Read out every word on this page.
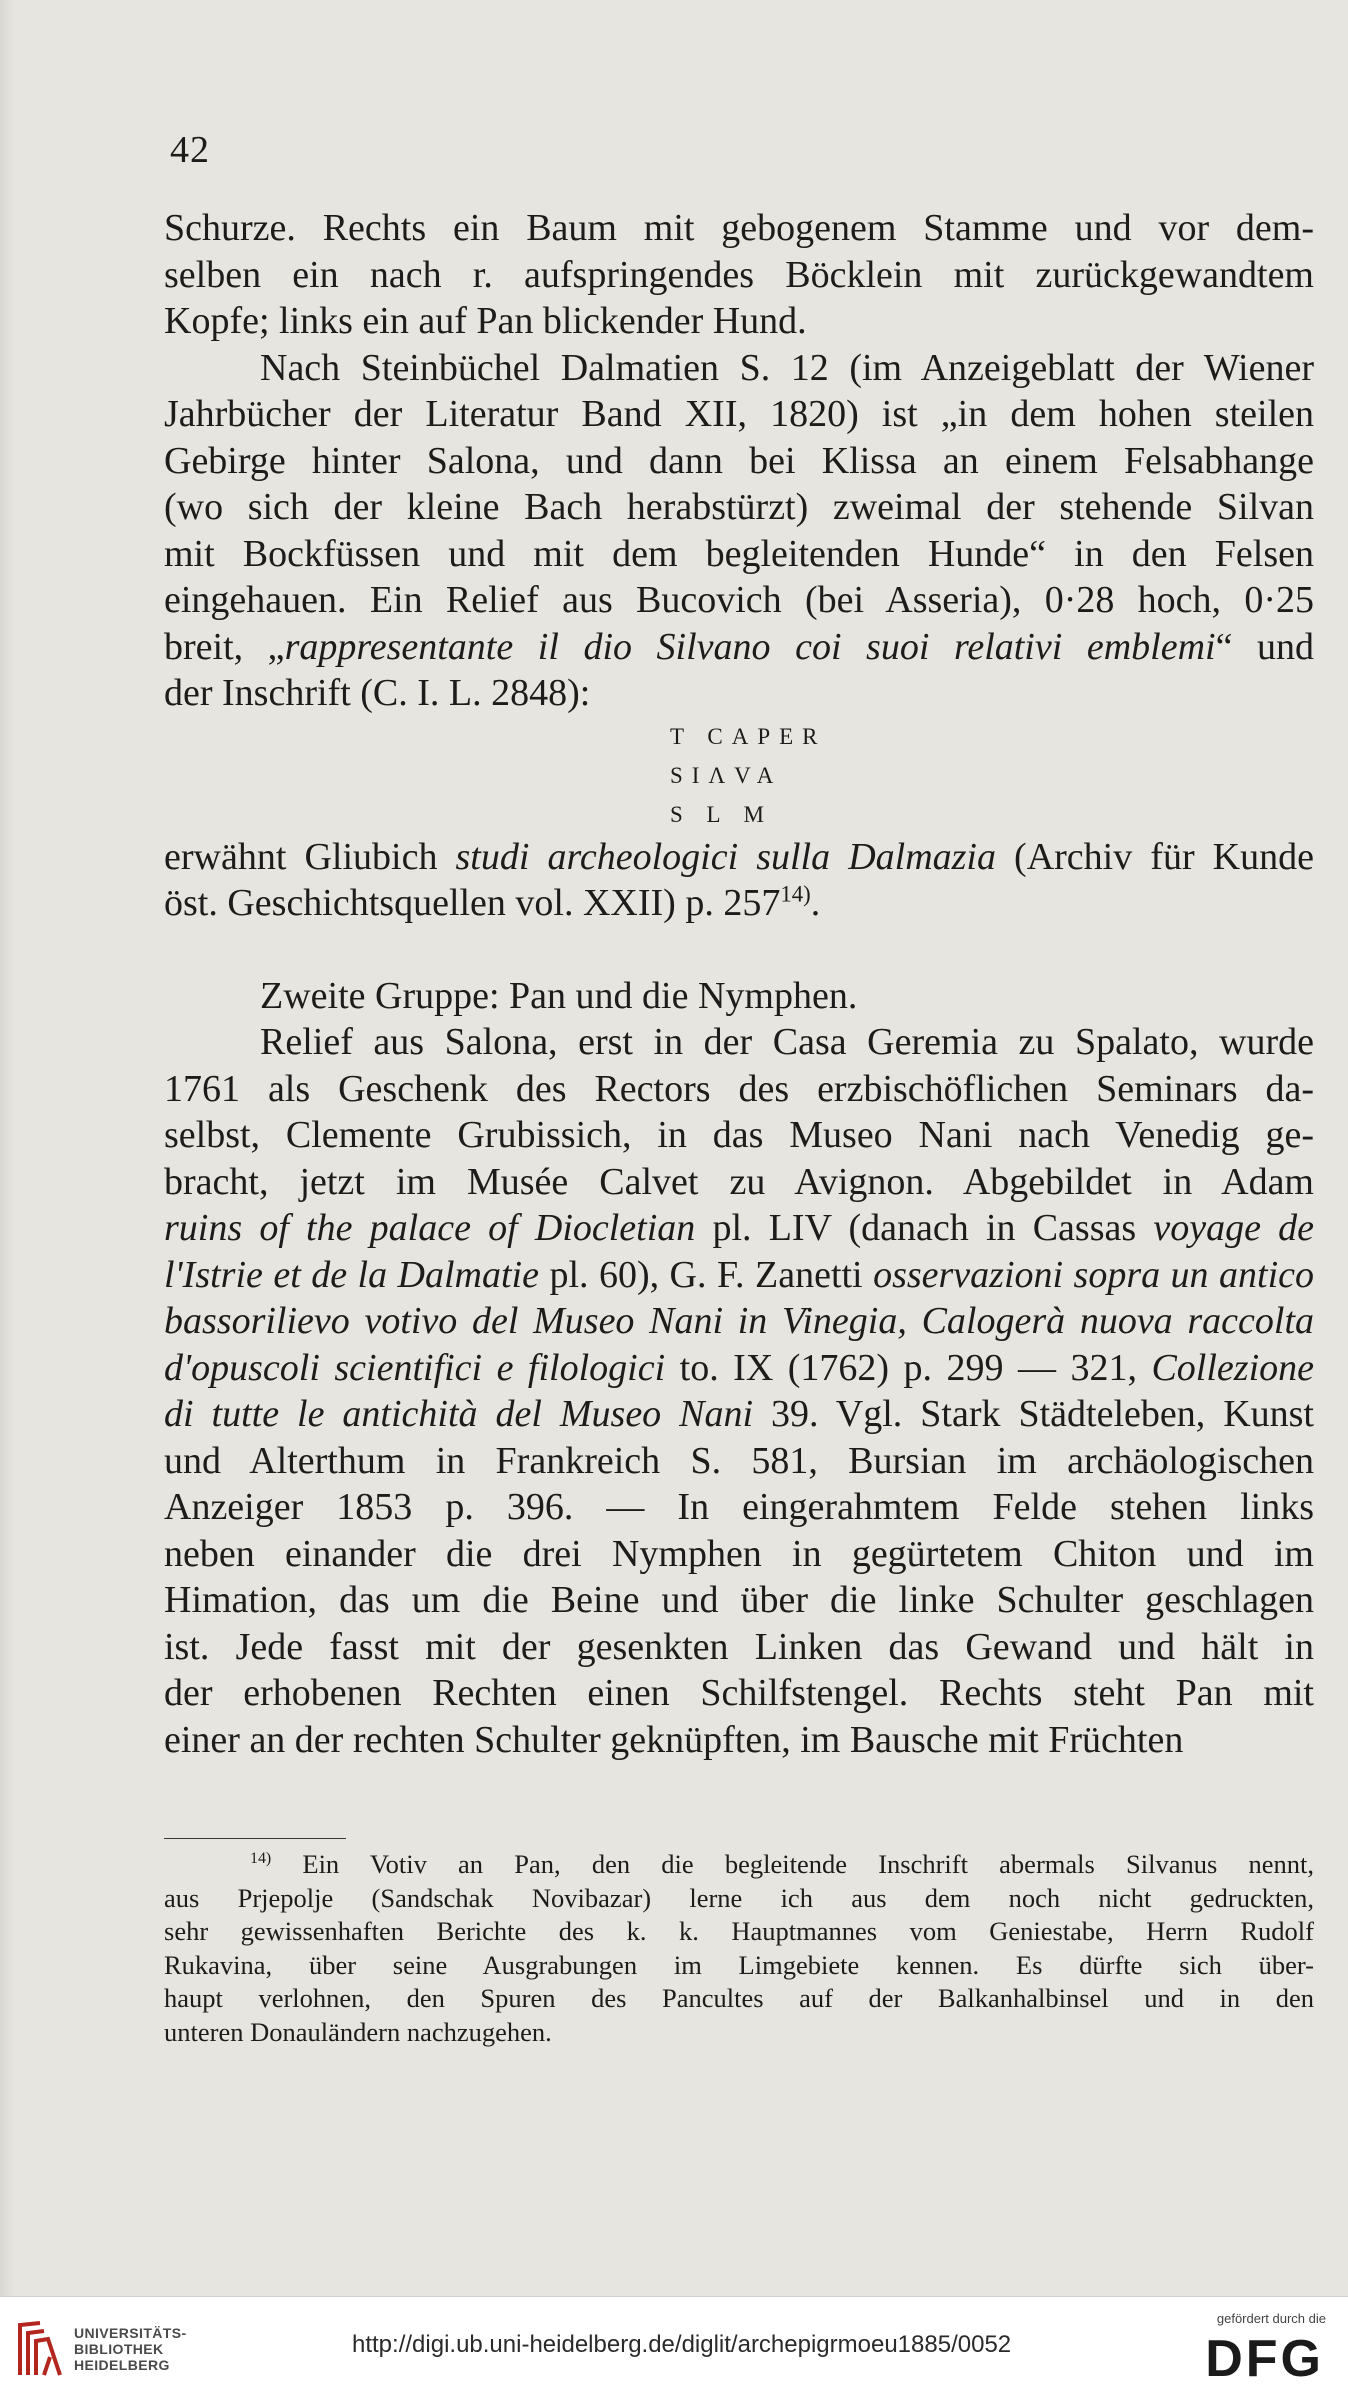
42
Schurze. Rechts ein Baum mit gebogenem Stamme und vor dem-
selben ein nach r. aufspringendes Böcklein mit zurückgewandtem
Kopfe; links ein auf Pan blickender Hund.
Nach Steinbüchel Dalmatien S. 12 (im Anzeigeblatt der Wiener
Jahrbücher der Literatur Band XII, 1820) ist „in dem hohen steilen
Gebirge hinter Salona, und dann bei Klissa an einem Felsabhange
(wo sich der kleine Bach herabstürzt) zweimal der stehende Silvan
mit Bockfüssen und mit dem begleitenden Hunde“ in den Felsen
eingehauen. Ein Relief aus Bucovich (bei Asseria), 0·28 hoch, 0·25
breit, „rappresentante il dio Silvano coi suoi relativi emblemi“ und
der Inschrift (C. I. L. 2848):
T CAPER
SIΛVA
S L M
erwähnt Gliubich studi archeologici sulla Dalmazia (Archiv für Kunde
öst. Geschichtsquellen vol. XXII) p. 257$^{14)}$.
Zweite Gruppe: Pan und die Nymphen.
Relief aus Salona, erst in der Casa Geremia zu Spalato, wurde
1761 als Geschenk des Rectors des erzbischöflichen Seminars da-
selbst, Clemente Grubissich, in das Museo Nani nach Venedig ge-
bracht, jetzt im Musée Calvet zu Avignon. Abgebildet in Adam
ruins of the palace of Diocletian pl. LIV (danach in Cassas voyage de
l'Istrie et de la Dalmatie pl. 60), G. F. Zanetti osservazioni sopra un antico
bassorilievo votivo del Museo Nani in Vinegia, Calogerà nuova raccolta
d'opuscoli scientifici e filologici to. IX (1762) p. 299 — 321, Collezione
di tutte le antichità del Museo Nani 39. Vgl. Stark Städteleben, Kunst
und Alterthum in Frankreich S. 581, Bursian im archäologischen
Anzeiger 1853 p. 396. — In eingerahmtem Felde stehen links
neben einander die drei Nymphen in gegürtetem Chiton und im
Himation, das um die Beine und über die linke Schulter geschlagen
ist. Jede fasst mit der gesenkten Linken das Gewand und hält in
der erhobenen Rechten einen Schilfstengel. Rechts steht Pan mit
einer an der rechten Schulter geknüpften, im Bausche mit Früchten
$^{14)}$ Ein Votiv an Pan, den die begleitende Inschrift abermals Silvanus nennt,
aus Prjepolje (Sandschak Novibazar) lerne ich aus dem noch nicht gedruckten,
sehr gewissenhaften Berichte des k. k. Hauptmannes vom Geniestabe, Herrn Rudolf
Rukavina, über seine Ausgrabungen im Limgebiete kennen. Es dürfte sich über-
haupt verlohnen, den Spuren des Pancultes auf der Balkanhalbinsel und in den
unteren Donauländern nachzugehen.
UNIVERSITÄTS-
BIBLIOTHEK
HEIDELBERG
http://digi.ub.uni-heidelberg.de/diglit/archepigrmoeu1885/0052
gefördert durch die
DFG
